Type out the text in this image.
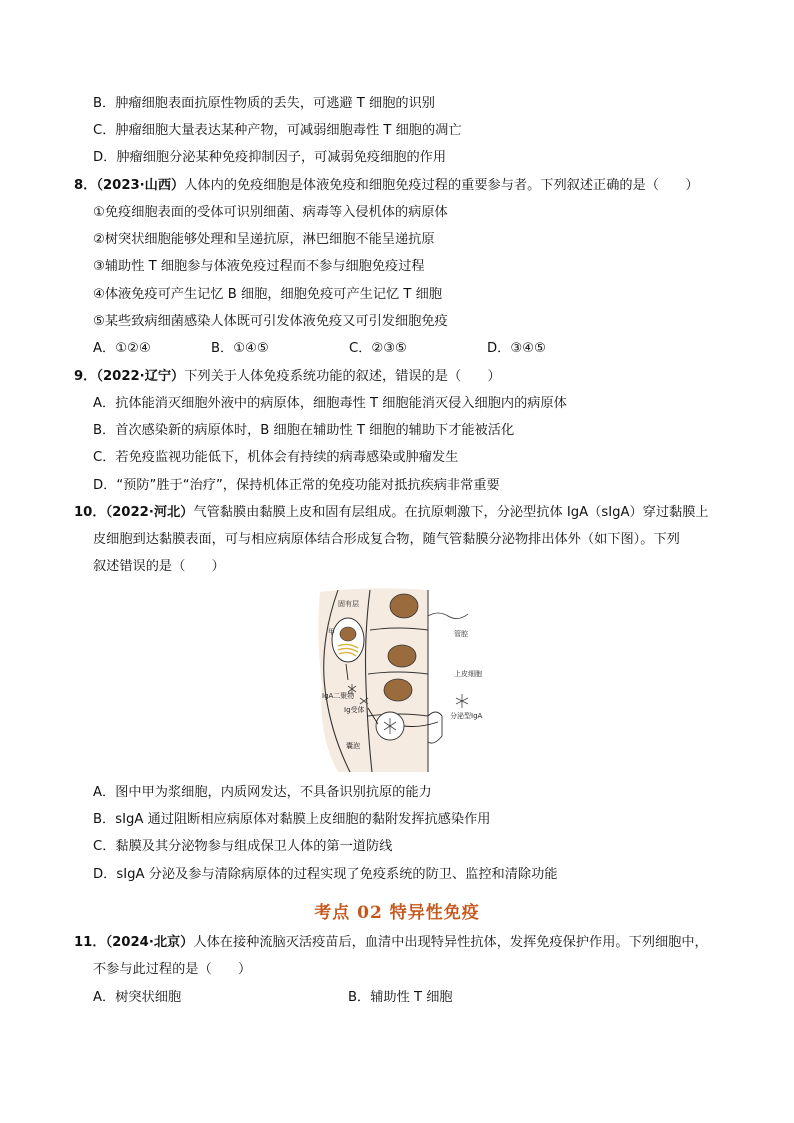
B．肿瘤细胞表面抗原性物质的丢失，可逃避 T 细胞的识别
C．肿瘤细胞大量表达某种产物，可减弱细胞毒性 T 细胞的凋亡
D．肿瘤细胞分泌某种免疫抑制因子，可减弱免疫细胞的作用
8．（2023·山西）人体内的免疫细胞是体液免疫和细胞免疫过程的重要参与者。下列叙述正确的是（　　）
①免疫细胞表面的受体可识别细菌、病毒等入侵机体的病原体
②树突状细胞能够处理和呈递抗原，淋巴细胞不能呈递抗原
③辅助性 T 细胞参与体液免疫过程而不参与细胞免疫过程
④体液免疫可产生记忆 B 细胞，细胞免疫可产生记忆 T 细胞
⑤某些致病细菌感染人体既可引发体液免疫又可引发细胞免疫
A．①②④	B．①④⑤	C．②③⑤	D．③④⑤
9．（2022·辽宁）下列关于人体免疫系统功能的叙述，错误的是（　　）
A．抗体能消灭细胞外液中的病原体，细胞毒性 T 细胞能消灭侵入细胞内的病原体
B．首次感染新的病原体时，B 细胞在辅助性 T 细胞的辅助下才能被活化
C．若免疫监视功能低下，机体会有持续的病毒感染或肿瘤发生
D．“预防”胜于“治疗”，保持机体正常的免疫功能对抵抗疾病非常重要
10．（2022·河北）气管黏膜由黏膜上皮和固有层组成。在抗原刺激下，分泌型抗体 IgA（sIgA）穿过黏膜上
皮细胞到达黏膜表面，可与相应病原体结合形成复合物，随气管黏膜分泌物排出体外（如下图）。下列
叙述错误的是（　　）
甲
固有层
管腔
上皮细胞
IgA二聚物
Ig受体
囊泡
分泌型IgA
A．图中甲为浆细胞，内质网发达，不具备识别抗原的能力
B．sIgA 通过阻断相应病原体对黏膜上皮细胞的黏附发挥抗感染作用
C．黏膜及其分泌物参与组成保卫人体的第一道防线
D．sIgA 分泌及参与清除病原体的过程实现了免疫系统的防卫、监控和清除功能
考点 02 特异性免疫
11．（2024·北京）人体在接种流脑灭活疫苗后，血清中出现特异性抗体，发挥免疫保护作用。下列细胞中，
不参与此过程的是（　　）
A．树突状细胞	B．辅助性 T 细胞
